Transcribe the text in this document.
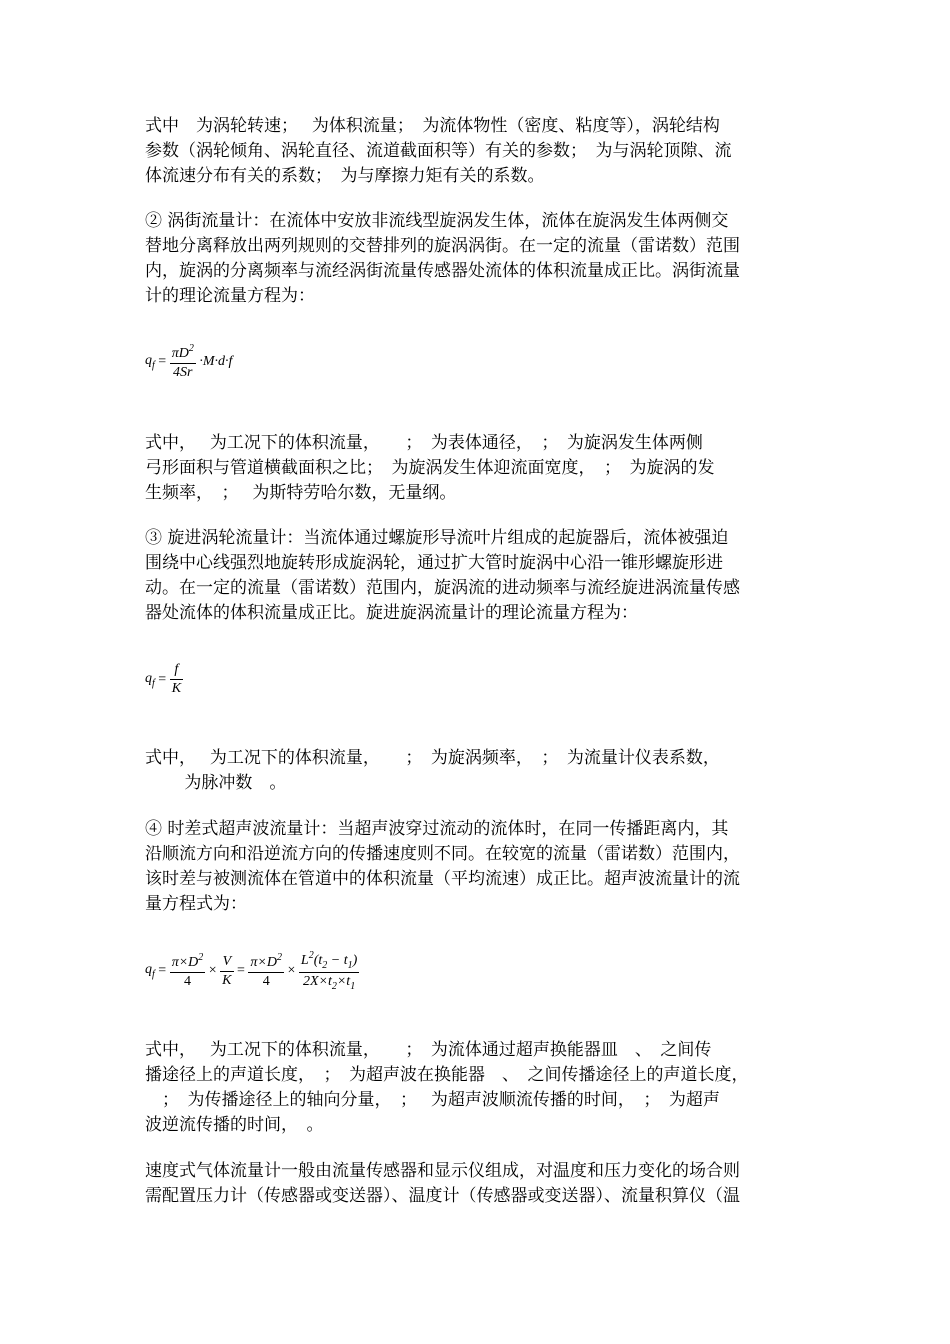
式中　为涡轮转速；　 为体积流量；　为流体物性（密度、粘度等），涡轮结构
参数（涡轮倾角、涡轮直径、流道截面积等）有关的参数；　为与涡轮顶隙、流
体流速分布有关的系数；　为与摩擦力矩有关的系数。
② 涡街流量计：在流体中安放非流线型旋涡发生体，流体在旋涡发生体两侧交
替地分离释放出两列规则的交替排列的旋涡涡街。在一定的流量（雷诺数）范围
内，旋涡的分离频率与流经涡街流量传感器处流体的体积流量成正比。涡街流量
计的理论流量方程为：
$q_f = \frac{\pi D^2}{4Sr} \cdot M\cdot d\cdot f$
式中，　 为工况下的体积流量，　　；　为表体通径，　；　为旋涡发生体两侧
弓形面积与管道横截面积之比；　为旋涡发生体迎流面宽度，　；　为旋涡的发
生频率，　；　 为斯特劳哈尔数，无量纲。
③ 旋进涡轮流量计：当流体通过螺旋形导流叶片组成的起旋器后，流体被强迫
围绕中心线强烈地旋转形成旋涡轮，通过扩大管时旋涡中心沿一锥形螺旋形进
动。在一定的流量（雷诺数）范围内，旋涡流的进动频率与流经旋进涡流量传感
器处流体的体积流量成正比。旋进旋涡流量计的理论流量方程为：
$q_f = \frac{f}{K}$
式中，　 为工况下的体积流量，　　；　为旋涡频率，　；　为流量计仪表系数，
　　 为脉冲数　。
④ 时差式超声波流量计：当超声波穿过流动的流体时，在同一传播距离内，其
沿顺流方向和沿逆流方向的传播速度则不同。在较宽的流量（雷诺数）范围内，
该时差与被测流体在管道中的体积流量（平均流速）成正比。超声波流量计的流
量方程式为：
$q_f = \frac{\pi\times D^2}{4} \times \frac{V}{K} = \frac{\pi\times D^2}{4} \times \frac{L^2(t_2 - t_1)}{2X\times t_2\times t_1}$
式中，　 为工况下的体积流量，　　；　为流体通过超声换能器皿　、　之间传
播途径上的声道长度，　；　为超声波在换能器　、　之间传播途径上的声道长度，
　；　为传播途径上的轴向分量，　；　 为超声波顺流传播的时间，　；　为超声
波逆流传播的时间，　。
速度式气体流量计一般由流量传感器和显示仪组成，对温度和压力变化的场合则
需配置压力计（传感器或变送器）、温度计（传感器或变送器）、流量积算仪（温
